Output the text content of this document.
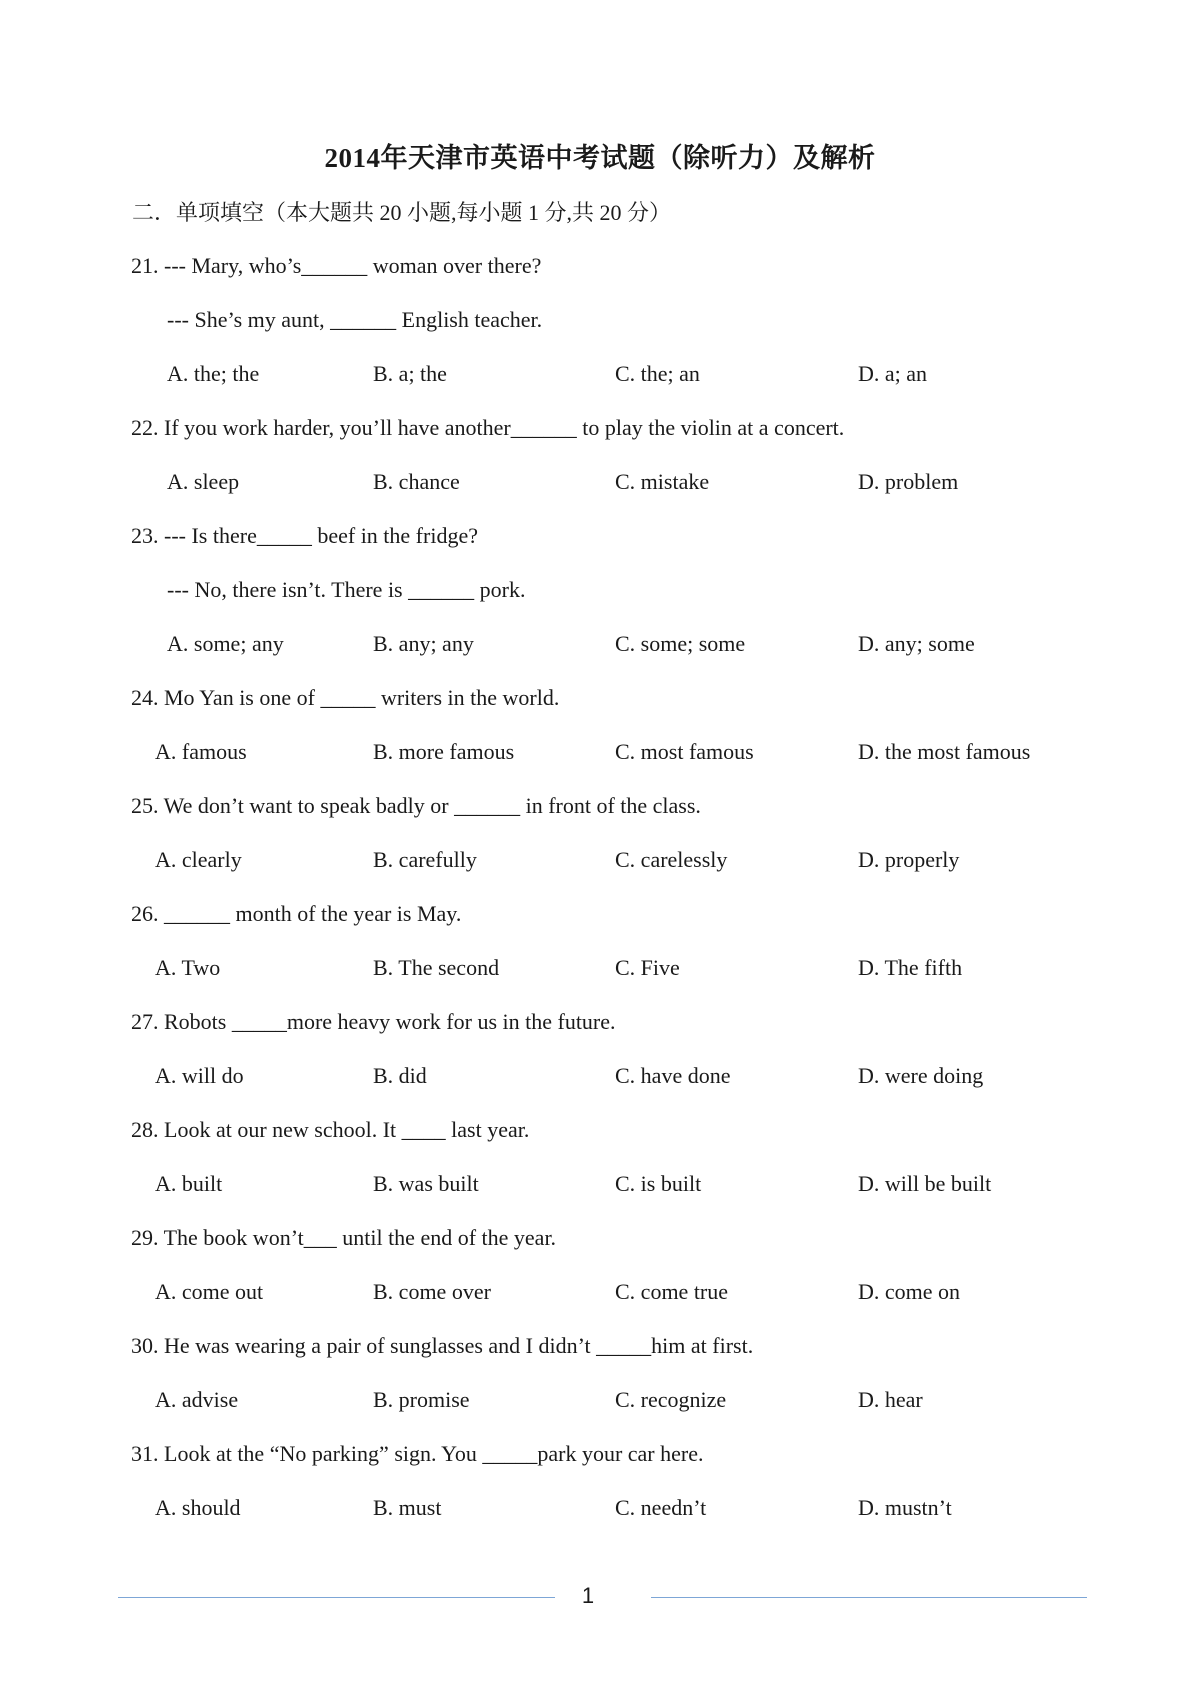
2014年天津市英语中考试题（除听力）及解析
二．单项填空（本大题共 20 小题,每小题 1 分,共 20 分）
21. --- Mary, who’s______ woman over there?
--- She’s my aunt, ______ English teacher.
A. the; the	B. a; the	C. the; an	D. a; an
22. If you work harder, you’ll have another______ to play the violin at a concert.
A. sleep	B. chance	C. mistake	D. problem
23. --- Is there_____ beef in the fridge?
--- No, there isn’t. There is ______ pork.
A. some; any	B. any; any	C. some; some	D. any; some
24. Mo Yan is one of _____ writers in the world.
A. famous	B. more famous	C. most famous	D. the most famous
25. We don’t want to speak badly or ______ in front of the class.
A. clearly	B. carefully	C. carelessly	D. properly
26. ______ month of the year is May.
A. Two	B. The second	C. Five	D. The fifth
27. Robots _____more heavy work for us in the future.
A. will do	B. did	C. have done	D. were doing
28. Look at our new school. It ____ last year.
A. built	B. was built	C. is built	D. will be built
29. The book won’t___ until the end of the year.
A. come out	B. come over	C. come true	D. come on
30. He was wearing a pair of sunglasses and I didn’t _____him at first.
A. advise	B. promise	C. recognize	D. hear
31. Look at the “No parking” sign. You _____park your car here.
A. should	B. must	C. needn’t	D. mustn’t
1
